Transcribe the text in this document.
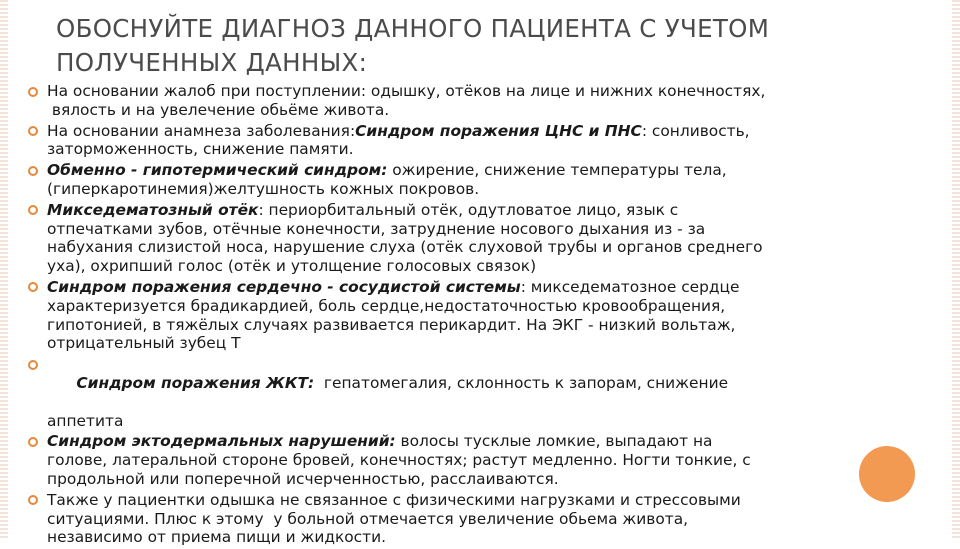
ОБОСНУЙТЕ ДИАГНОЗ ДАННОГО ПАЦИЕНТА С УЧЕТОМ
ПОЛУЧЕННЫХ ДАННЫХ:
На основании жалоб при поступлении: одышку, отёков на лице и нижних конечностях,
вялость и на увелечение обьёме живота.
На основании анамнеза заболевания:Синдром поражения ЦНС и ПНС: сонливость,
заторможенность, снижение памяти.
Обменно - гипотермический синдром: ожирение, снижение температуры тела,
(гиперкаротинемия)желтушность кожных покровов.
Микседематозный отёк: периорбитальный отёк, одутловатое лицо, язык с
отпечатками зубов, отёчные конечности, затруднение носового дыхания из - за
набухания слизистой носа, нарушение слуха (отёк слуховой трубы и органов среднего
уха), охрипший голос (отёк и утолщение голосовых связок)
Синдром поражения сердечно - сосудистой системы: микседематозное сердце
характеризуется брадикардией, боль сердце,недостаточностью кровообращения,
гипотонией, в тяжёлых случаях развивается перикардит. На ЭКГ - низкий вольтаж,
отрицательный зубец Т

Синдром поражения ЖКТ:  гепатомегалия, склонность к запорам, снижение

аппетита
Синдром эктодермальных нарушений: волосы тусклые ломкие, выпадают на
голове, латеральной стороне бровей, конечностях; растут медленно. Ногти тонкие, с
продольной или поперечной исчерченностью, расслаиваются.
Также у пациентки одышка не связанное с физическими нагрузками и стрессовыми
ситуациями. Плюс к этому  у больной отмечается увеличение обьема живота,
независимо от приема пищи и жидкости.
